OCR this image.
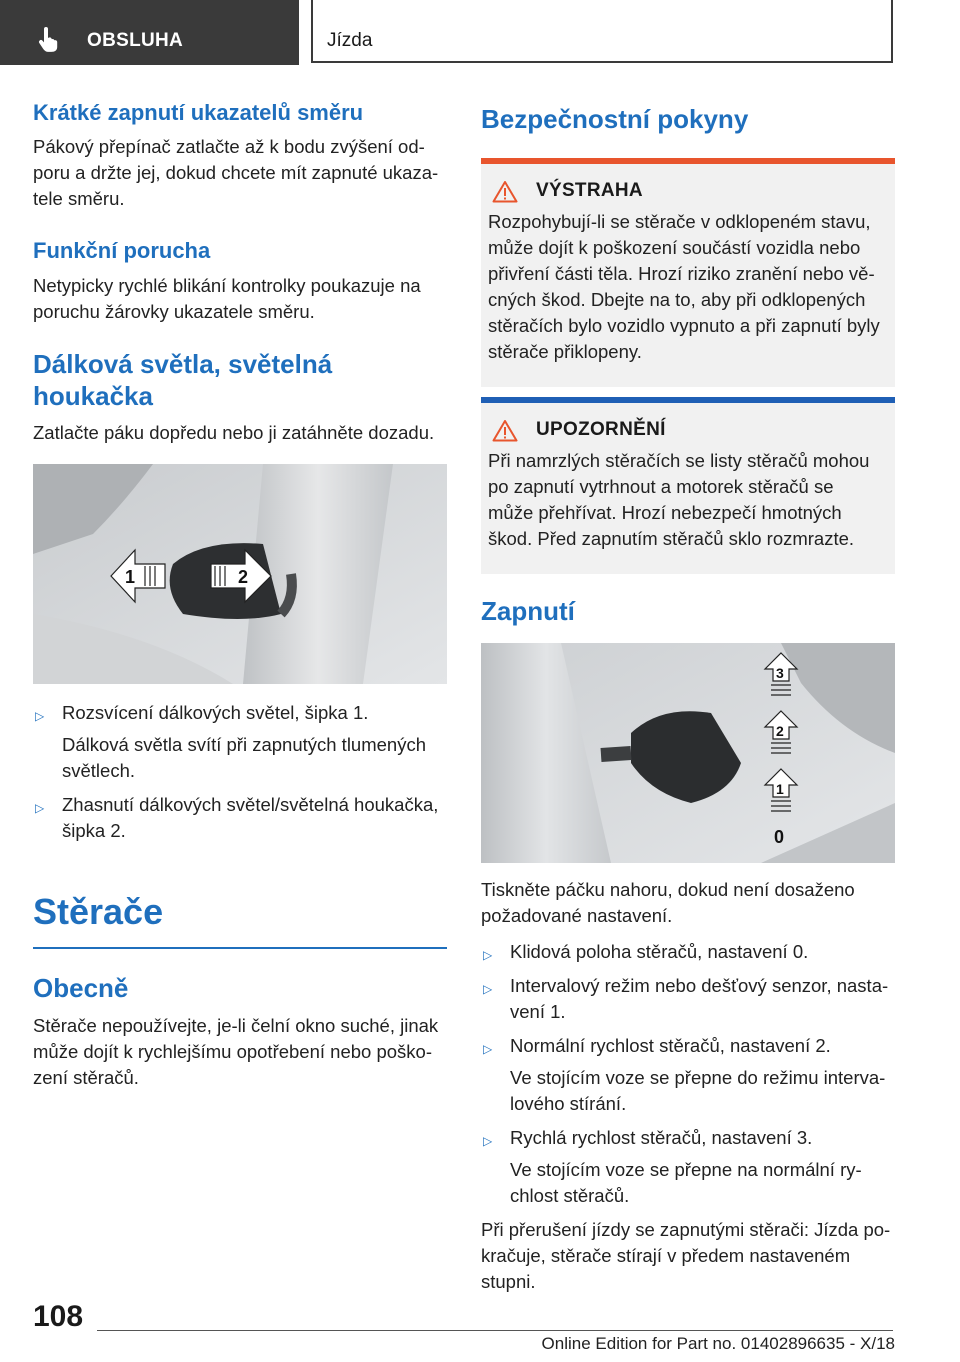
OBSLUHA	Jízda
Krátké zapnutí ukazatelů směru

Pákový přepínač zatlačte až k bodu zvýšení od-
poru a držte jej, dokud chcete mít zapnuté ukaza-
tele směru.

Funkční porucha

Netypicky rychlé blikání kontrolky poukazuje na
poruchu žárovky ukazatele směru.

Dálková světla, světelná
houkačka

Zatlačte páku dopředu nebo ji zatáhněte dozadu.

1	2
▷ Rozsvícení dálkových světel, šipka 1.
Dálková světla svítí při zapnutých tlumených
světlech.
▷ Zhasnutí dálkových světel/světelná houkačka,
šipka 2.
Stěrače
Obecně

Stěrače nepoužívejte, je-li čelní okno suché, jinak
může dojít k rychlejšímu opotřebení nebo poško-
zení stěračů.

Bezpečnostní pokyny
VÝSTRAHA
Rozpohybují-li se stěrače v odklopeném stavu,
může dojít k poškození součástí vozidla nebo
přivření části těla. Hrozí riziko zranění nebo vě-
cných škod. Dbejte na to, aby při odklopených
stěračích bylo vozidlo vypnuto a při zapnutí byly
stěrače přiklopeny.
UPOZORNĚNÍ
Při namrzlých stěračích se listy stěračů mohou
po zapnutí vytrhnout a motorek stěračů se
může přehřívat. Hrozí nebezpečí hmotných
škod. Před zapnutím stěračů sklo rozmrazte.
Zapnutí
3
2
1
0

Tiskněte páčku nahoru, dokud není dosaženo
požadované nastavení.

▷ Klidová poloha stěračů, nastavení 0.
▷ Intervalový režim nebo dešťový senzor, nasta-
vení 1.
▷ Normální rychlost stěračů, nastavení 2.
Ve stojícím voze se přepne do režimu interva-
lového stírání.
▷ Rychlá rychlost stěračů, nastavení 3.
Ve stojícím voze se přepne na normální ry-
chlost stěračů.

Při přerušení jízdy se zapnutými stěrači: Jízda po-
kračuje, stěrače stírají v předem nastaveném
stupni.

108
Online Edition for Part no. 01402896635 - X/18
